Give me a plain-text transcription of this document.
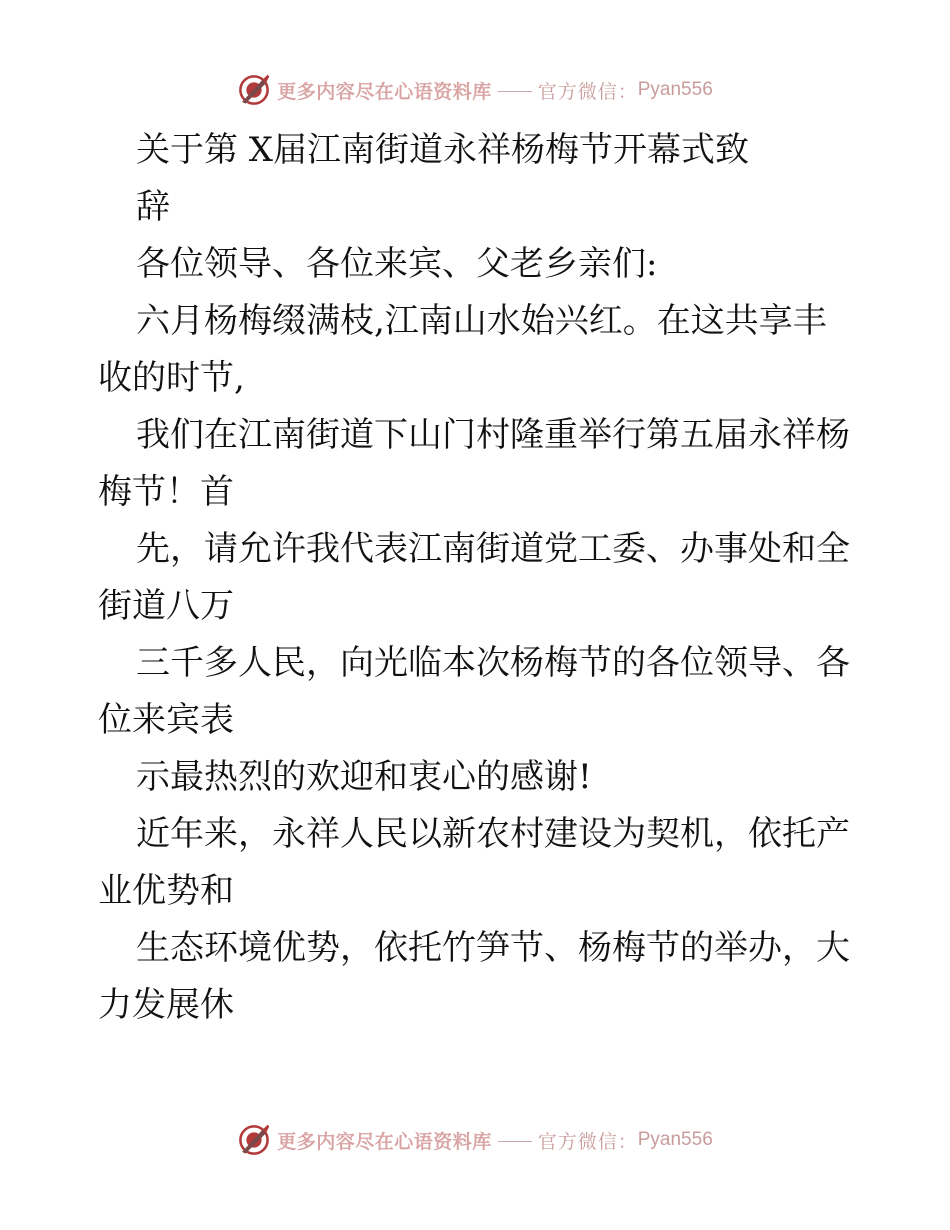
更多内容尽在心语资料库 官方微信： Pyan556
关于第 X届江南街道永祥杨梅节开幕式致
辞
各位领导、各位来宾、父老乡亲们:
六月杨梅缀满枝,江南山水始兴红。在这共享丰
收的时节,
我们在江南街道下山门村隆重举行第五届永祥杨
梅节！首
先，请允许我代表江南街道党工委、办事处和全
街道八万
三千多人民，向光临本次杨梅节的各位领导、各
位来宾表
示最热烈的欢迎和衷心的感谢!
近年来，永祥人民以新农村建设为契机，依托产
业优势和
生态环境优势，依托竹笋节、杨梅节的举办，大
力发展休
更多内容尽在心语资料库 官方微信： Pyan556
